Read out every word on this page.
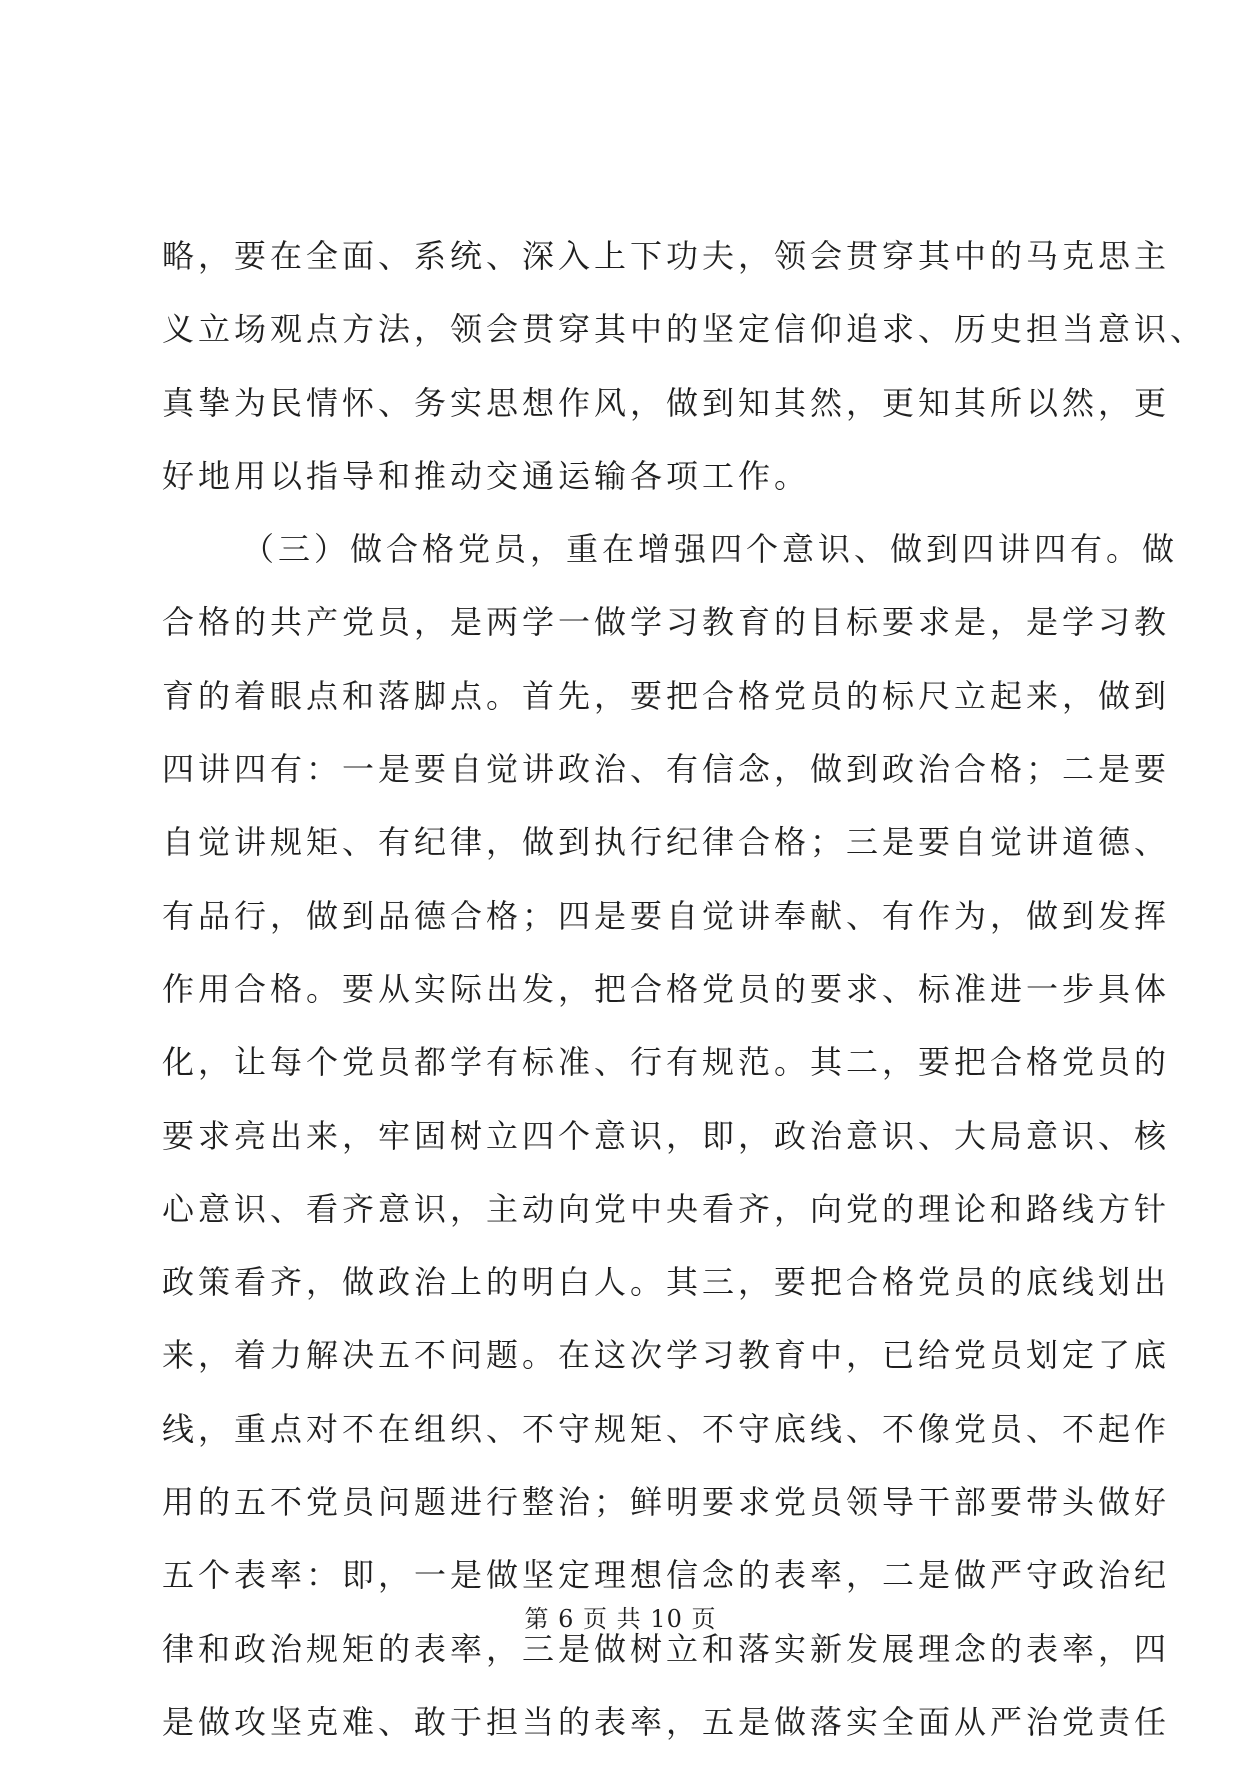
略，要在全面、系统、深入上下功夫，领会贯穿其中的马克思主
义立场观点方法，领会贯穿其中的坚定信仰追求、历史担当意识、
真挚为民情怀、务实思想作风，做到知其然，更知其所以然，更
好地用以指导和推动交通运输各项工作。
（三）做合格党员，重在增强四个意识、做到四讲四有。做
合格的共产党员，是两学一做学习教育的目标要求是，是学习教
育的着眼点和落脚点。首先，要把合格党员的标尺立起来，做到
四讲四有：一是要自觉讲政治、有信念，做到政治合格；二是要
自觉讲规矩、有纪律，做到执行纪律合格；三是要自觉讲道德、
有品行，做到品德合格；四是要自觉讲奉献、有作为，做到发挥
作用合格。要从实际出发，把合格党员的要求、标准进一步具体
化，让每个党员都学有标准、行有规范。其二，要把合格党员的
要求亮出来，牢固树立四个意识，即，政治意识、大局意识、核
心意识、看齐意识，主动向党中央看齐，向党的理论和路线方针
政策看齐，做政治上的明白人。其三，要把合格党员的底线划出
来，着力解决五不问题。在这次学习教育中，已给党员划定了底
线，重点对不在组织、不守规矩、不守底线、不像党员、不起作
用的五不党员问题进行整治；鲜明要求党员领导干部要带头做好
五个表率：即，一是做坚定理想信念的表率，二是做严守政治纪
律和政治规矩的表率，三是做树立和落实新发展理念的表率，四
是做攻坚克难、敢于担当的表率，五是做落实全面从严治党责任
第 6 页 共 10 页
